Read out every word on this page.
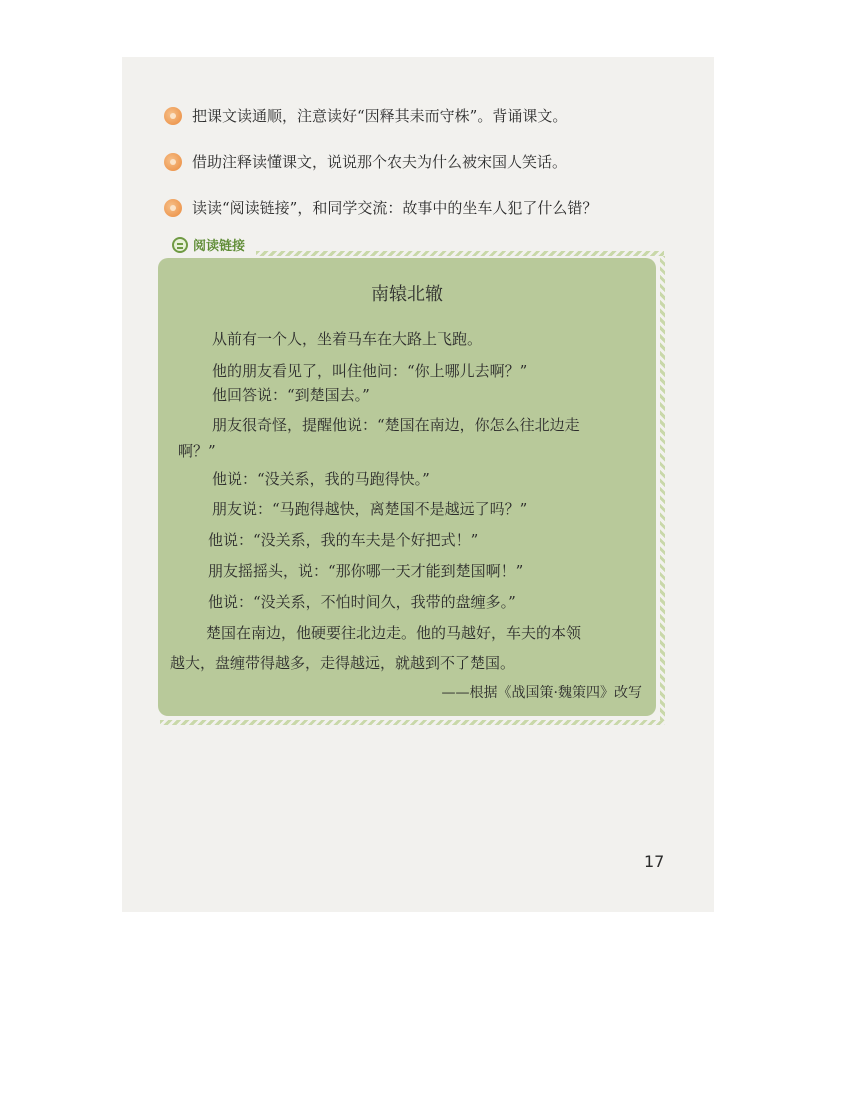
把课文读通顺，注意读好“因释其耒而守株”。背诵课文。
借助注释读懂课文，说说那个农夫为什么被宋国人笑话。
读读“阅读链接”，和同学交流：故事中的坐车人犯了什么错？
阅读链接
南辕北辙
从前有一个人，坐着马车在大路上飞跑。
他的朋友看见了，叫住他问：“你上哪儿去啊？”
他回答说：“到楚国去。”
朋友很奇怪，提醒他说：“楚国在南边，你怎么往北边走
啊？”
他说：“没关系，我的马跑得快。”
朋友说：“马跑得越快，离楚国不是越远了吗？”
他说：“没关系，我的车夫是个好把式！”
朋友摇摇头，说：“那你哪一天才能到楚国啊！”
他说：“没关系，不怕时间久，我带的盘缠多。”
楚国在南边，他硬要往北边走。他的马越好，车夫的本领
越大，盘缠带得越多，走得越远，就越到不了楚国。
——根据《战国策·魏策四》改写
17
